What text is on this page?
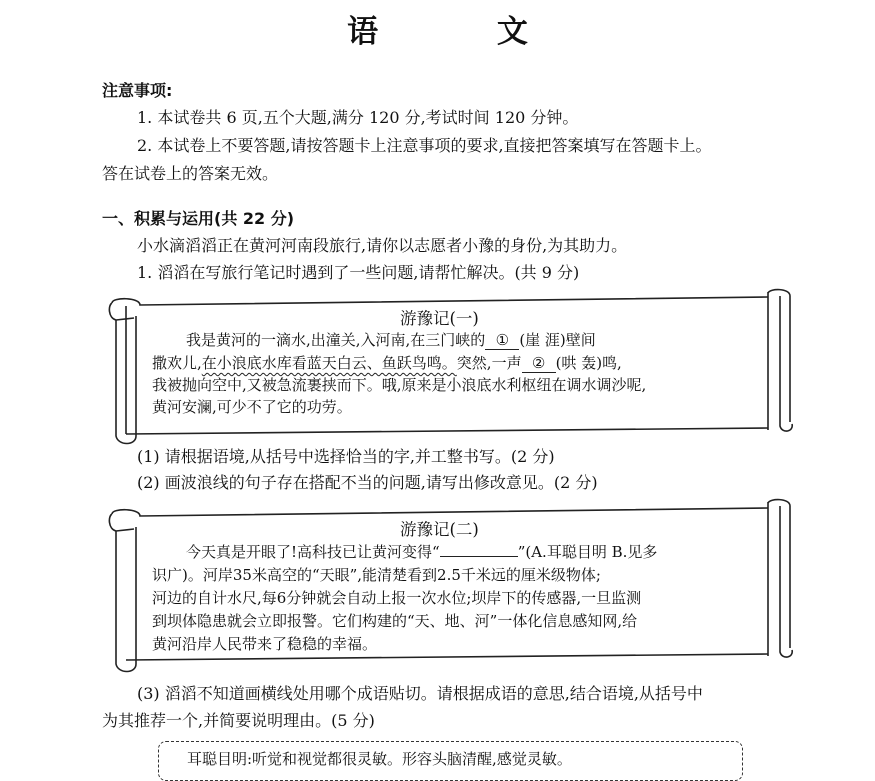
语 文
注意事项:
1. 本试卷共 6 页,五个大题,满分 120 分,考试时间 120 分钟。
2. 本试卷上不要答题,请按答题卡上注意事项的要求,直接把答案填写在答题卡上。
答在试卷上的答案无效。
一、积累与运用(共 22 分)
小水滴滔滔正在黄河河南段旅行,请你以志愿者小豫的身份,为其助力。
1. 滔滔在写旅行笔记时遇到了一些问题,请帮忙解决。(共 9 分)
游豫记(一)
我是黄河的一滴水,出潼关,入河南,在三门峡的 ① (崖 涯)壁间
撒欢儿,在小浪底水库看蓝天白云、鱼跃鸟鸣。突然,一声 ② (哄 轰)鸣,
我被抛向空中,又被急流裹挟而下。哦,原来是小浪底水利枢纽在调水调沙呢,
黄河安澜,可少不了它的功劳。
(1) 请根据语境,从括号中选择恰当的字,并工整书写。(2 分)
(2) 画波浪线的句子存在搭配不当的问题,请写出修改意见。(2 分)
游豫记(二)
今天真是开眼了!高科技已让黄河变得“	”(A.耳聪目明 B.见多
识广)。河岸35米高空的“天眼”,能清楚看到2.5千米远的厘米级物体;
河边的自计水尺,每6分钟就会自动上报一次水位;坝岸下的传感器,一旦监测
到坝体隐患就会立即报警。它们构建的“天、地、河”一体化信息感知网,给
黄河沿岸人民带来了稳稳的幸福。
(3) 滔滔不知道画横线处用哪个成语贴切。请根据成语的意思,结合语境,从括号中
为其推荐一个,并简要说明理由。(5 分)
耳聪目明:听觉和视觉都很灵敏。形容头脑清醒,感觉灵敏。
